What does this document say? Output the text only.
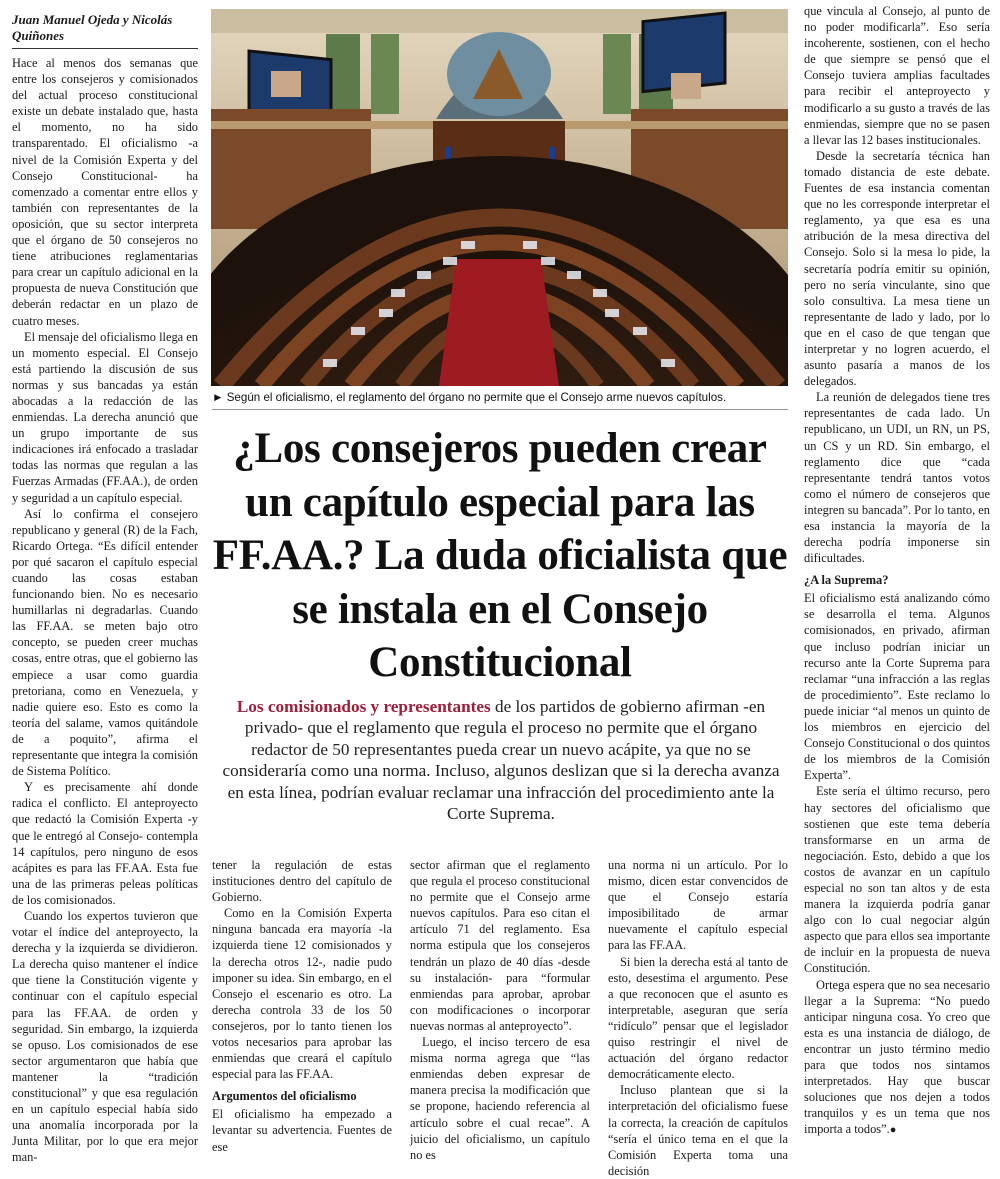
Juan Manuel Ojeda y Nicolás Quiñones

Hace al menos dos semanas que entre los consejeros y comisionados del actual proceso constitucional existe un debate instalado que, hasta el momento, no ha sido transparentado. El oficialismo -a nivel de la Comisión Experta y del Consejo Constitucional- ha comenzado a comentar entre ellos y también con representantes de la oposición, que su sector interpreta que el órgano de 50 consejeros no tiene atribuciones reglamentarias para crear un capítulo adicional en la propuesta de nueva Constitución que deberán redactar en un plazo de cuatro meses.

El mensaje del oficialismo llega en un momento especial. El Consejo está partiendo la discusión de sus normas y sus bancadas ya están abocadas a la redacción de las enmiendas. La derecha anunció que un grupo importante de sus indicaciones irá enfocado a trasladar todas las normas que regulan a las Fuerzas Armadas (FF.AA.), de orden y seguridad a un capítulo especial.

Así lo confirma el consejero republicano y general (R) de la Fach, Ricardo Ortega. “Es difícil entender por qué sacaron el capítulo especial cuando las cosas estaban funcionando bien. No es necesario humillarlas ni degradarlas. Cuando las FF.AA. se meten bajo otro concepto, se pueden creer muchas cosas, entre otras, que el gobierno las empiece a usar como guardia pretoriana, como en Venezuela, y nadie quiere eso. Esto es como la teoría del salame, vamos quitándole de a poquito”, afirma el representante que integra la comisión de Sistema Político.

Y es precisamente ahí donde radica el conflicto. El anteproyecto que redactó la Comisión Experta -y que le entregó al Consejo- contempla 14 capítulos, pero ninguno de esos acápites es para las FF.AA. Esta fue una de las primeras peleas políticas de los comisionados.

Cuando los expertos tuvieron que votar el índice del anteproyecto, la derecha y la izquierda se dividieron. La derecha quiso mantener el índice que tiene la Constitución vigente y continuar con el capítulo especial para las FF.AA. de orden y seguridad. Sin embargo, la izquierda se opuso. Los comisionados de ese sector argumentaron que había que mantener la “tradición constitucional” y que esa regulación en un capítulo especial había sido una anomalía incorporada por la Junta Militar, por lo que era mejor man-

► Según el oficialismo, el reglamento del órgano no permite que el Consejo arme nuevos capítulos.
¿Los consejeros pueden crear un capítulo especial para las FF.AA.? La duda oficialista que se instala en el Consejo Constitucional
Los comisionados y representantes de los partidos de gobierno afirman -en privado- que el reglamento que regula el proceso no permite que el órgano redactor de 50 representantes pueda crear un nuevo acápite, ya que no se consideraría como una norma. Incluso, algunos deslizan que si la derecha avanza en esta línea, podrían evaluar reclamar una infracción del procedimiento ante la Corte Suprema.

tener la regulación de estas instituciones dentro del capítulo de Gobierno.

Como en la Comisión Experta ninguna bancada era mayoría -la izquierda tiene 12 comisionados y la derecha otros 12-, nadie pudo imponer su idea. Sin embargo, en el Consejo el escenario es otro. La derecha controla 33 de los 50 consejeros, por lo tanto tienen los votos necesarios para aprobar las enmiendas que creará el capítulo especial para las FF.AA.

Argumentos del oficialismo

El oficialismo ha empezado a levantar su advertencia. Fuentes de ese

sector afirman que el reglamento que regula el proceso constitucional no permite que el Consejo arme nuevos capítulos. Para eso citan el artículo 71 del reglamento. Esa norma estipula que los consejeros tendrán un plazo de 40 días -desde su instalación- para “formular enmiendas para aprobar, aprobar con modificaciones o incorporar nuevas normas al anteproyecto”.

Luego, el inciso tercero de esa misma norma agrega que “las enmiendas deben expresar de manera precisa la modificación que se propone, haciendo referencia al artículo sobre el cual recae”. A juicio del oficialismo, un capítulo no es

una norma ni un artículo. Por lo mismo, dicen estar convencidos de que el Consejo estaría imposibilitado de armar nuevamente el capítulo especial para las FF.AA.

Si bien la derecha está al tanto de esto, desestima el argumento. Pese a que reconocen que el asunto es interpretable, aseguran que sería “ridículo” pensar que el legislador quiso restringir el nivel de actuación del órgano redactor democráticamente electo.

Incluso plantean que si la interpretación del oficialismo fuese la correcta, la creación de capítulos “sería el único tema en el que la Comisión Experta toma una decisión

que vincula al Consejo, al punto de no poder modificarla”. Eso sería incoherente, sostienen, con el hecho de que siempre se pensó que el Consejo tuviera amplias facultades para recibir el anteproyecto y modificarlo a su gusto a través de las enmiendas, siempre que no se pasen a llevar las 12 bases institucionales.

Desde la secretaría técnica han tomado distancia de este debate. Fuentes de esa instancia comentan que no les corresponde interpretar el reglamento, ya que esa es una atribución de la mesa directiva del Consejo. Solo si la mesa lo pide, la secretaría podría emitir su opinión, pero no sería vinculante, sino que solo consultiva. La mesa tiene un representante de lado y lado, por lo que en el caso de que tengan que interpretar y no logren acuerdo, el asunto pasaría a manos de los delegados.

La reunión de delegados tiene tres representantes de cada lado. Un republicano, un UDI, un RN, un PS, un CS y un RD. Sin embargo, el reglamento dice que “cada representante tendrá tantos votos como el número de consejeros que integren su bancada”. Por lo tanto, en esa instancia la mayoría de la derecha podría imponerse sin dificultades.

¿A la Suprema?

El oficialismo está analizando cómo se desarrolla el tema. Algunos comisionados, en privado, afirman que incluso podrían iniciar un recurso ante la Corte Suprema para reclamar “una infracción a las reglas de procedimiento”. Este reclamo lo puede iniciar “al menos un quinto de los miembros en ejercicio del Consejo Constitucional o dos quintos de los miembros de la Comisión Experta”.

Este sería el último recurso, pero hay sectores del oficialismo que sostienen que este tema debería transformarse en un arma de negociación. Esto, debido a que los costos de avanzar en un capítulo especial no son tan altos y de esta manera la izquierda podría ganar algo con lo cual negociar algún aspecto que para ellos sea importante de incluir en la propuesta de nueva Constitución.

Ortega espera que no sea necesario llegar a la Suprema: “No puedo anticipar ninguna cosa. Yo creo que esta es una instancia de diálogo, de encontrar un justo término medio para que todos nos sintamos interpretados. Hay que buscar soluciones que nos dejen a todos tranquilos y es un tema que nos importa a todos”.●
